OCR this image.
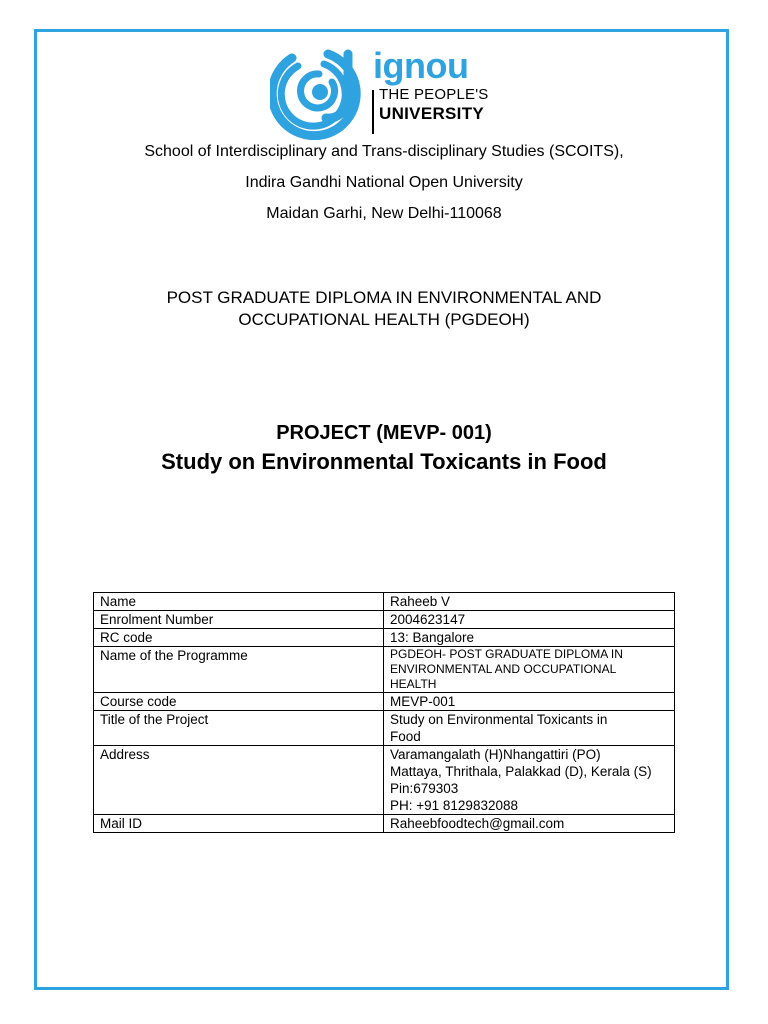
ignou
THE PEOPLE'S
UNIVERSITY
School of Interdisciplinary and Trans-disciplinary Studies (SCOITS),
Indira Gandhi National Open University
Maidan Garhi, New Delhi-110068
POST GRADUATE DIPLOMA IN ENVIRONMENTAL AND
OCCUPATIONAL HEALTH (PGDEOH)
PROJECT (MEVP- 001)
Study on Environmental Toxicants in Food
Name	Raheeb V

Enrolment Number	2004623147

RC code	13: Bangalore

Name of the Programme	PGDEOH- POST GRADUATE DIPLOMA IN
ENVIRONMENTAL AND OCCUPATIONAL
HEALTH

Course code	MEVP-001

Title of the Project	Study on Environmental Toxicants in
Food

Address	Varamangalath (H)Nhangattiri (PO)
Mattaya, Thrithala, Palakkad (D), Kerala (S)
Pin:679303
PH: +91 8129832088

Mail ID	Raheebfoodtech@gmail.com
